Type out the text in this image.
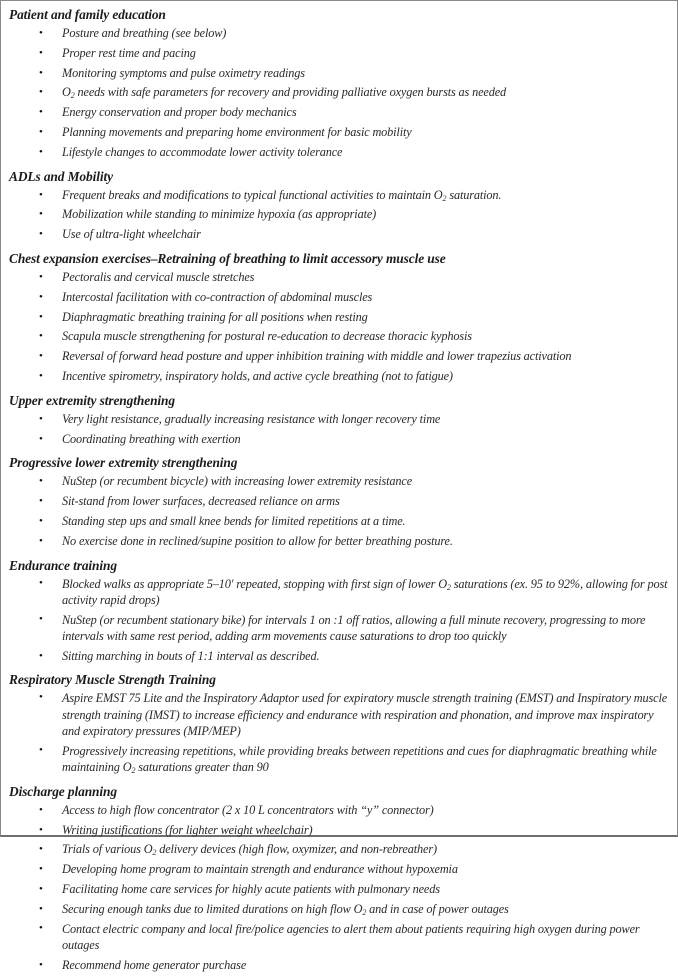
Patient and family education
• Posture and breathing (see below)
• Proper rest time and pacing
• Monitoring symptoms and pulse oximetry readings
• $O_2$ needs with safe parameters for recovery and providing palliative oxygen bursts as needed
• Energy conservation and proper body mechanics
• Planning movements and preparing home environment for basic mobility
• Lifestyle changes to accommodate lower activity tolerance
ADLs and Mobility
• Frequent breaks and modifications to typical functional activities to maintain $O_2$ saturation.
• Mobilization while standing to minimize hypoxia (as appropriate)
• Use of ultra-light wheelchair
Chest expansion exercises–Retraining of breathing to limit accessory muscle use
• Pectoralis and cervical muscle stretches
• Intercostal facilitation with co-contraction of abdominal muscles
• Diaphragmatic breathing training for all positions when resting
• Scapula muscle strengthening for postural re-education to decrease thoracic kyphosis
• Reversal of forward head posture and upper inhibition training with middle and lower trapezius activation
• Incentive spirometry, inspiratory holds, and active cycle breathing (not to fatigue)
Upper extremity strengthening
• Very light resistance, gradually increasing resistance with longer recovery time
• Coordinating breathing with exertion
Progressive lower extremity strengthening
• NuStep (or recumbent bicycle) with increasing lower extremity resistance
• Sit-stand from lower surfaces, decreased reliance on arms
• Standing step ups and small knee bends for limited repetitions at a time.
• No exercise done in reclined/supine position to allow for better breathing posture.
Endurance training
• Blocked walks as appropriate 5–10′ repeated, stopping with first sign of lower $O_2$ saturations (ex. 95 to 92%, allowing for post activity rapid drops)
• NuStep (or recumbent stationary bike) for intervals 1 on :1 off ratios, allowing a full minute recovery, progressing to more intervals with same rest period, adding arm movements cause saturations to drop too quickly
• Sitting marching in bouts of 1:1 interval as described.
Respiratory Muscle Strength Training
• Aspire EMST 75 Lite and the Inspiratory Adaptor used for expiratory muscle strength training (EMST) and Inspiratory muscle strength training (IMST) to increase efficiency and endurance with respiration and phonation, and improve max inspiratory and expiratory pressures (MIP/MEP)
• Progressively increasing repetitions, while providing breaks between repetitions and cues for diaphragmatic breathing while maintaining $O_2$ saturations greater than 90
Discharge planning
• Access to high flow concentrator (2 x 10 L concentrators with “y” connector)
• Writing justifications (for lighter weight wheelchair)
• Trials of various $O_2$ delivery devices (high flow, oxymizer, and non-rebreather)
• Developing home program to maintain strength and endurance without hypoxemia
• Facilitating home care services for highly acute patients with pulmonary needs
• Securing enough tanks due to limited durations on high flow $O_2$ and in case of power outages
• Contact electric company and local fire/police agencies to alert them about patients requiring high oxygen during power outages
• Recommend home generator purchase
